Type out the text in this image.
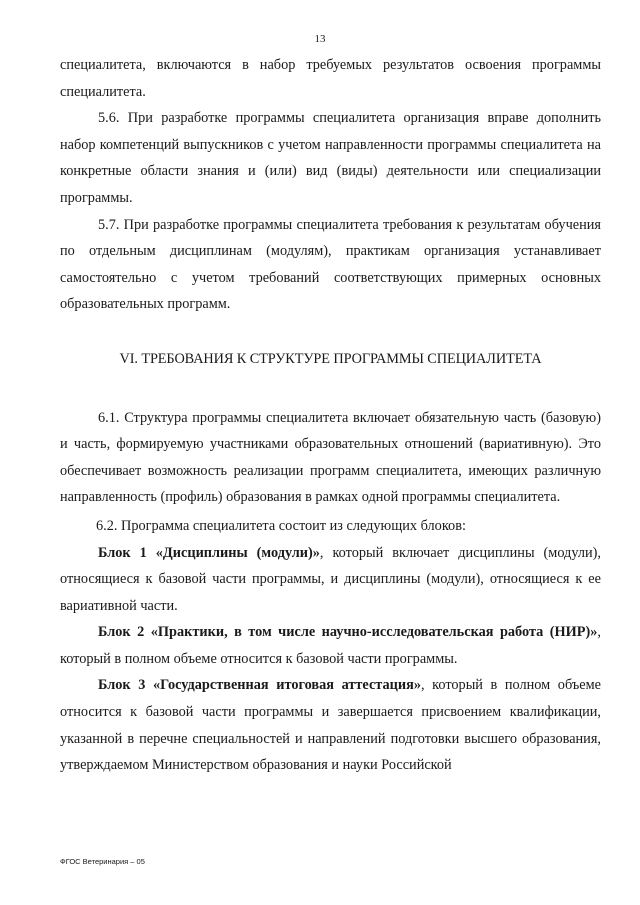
13

специалитета, включаются в набор требуемых результатов освоения программы специалитета.

5.6. При разработке программы специалитета организация вправе дополнить набор компетенций выпускников с учетом направленности программы специалитета на конкретные области знания и (или) вид (виды) деятельности или специализации программы.

5.7. При разработке программы специалитета требования к результатам обучения по отдельным дисциплинам (модулям), практикам организация устанавливает самостоятельно с учетом требований соответствующих примерных основных образовательных программ.

VI. ТРЕБОВАНИЯ К СТРУКТУРЕ ПРОГРАММЫ СПЕЦИАЛИТЕТА

6.1. Структура программы специалитета включает обязательную часть (базовую) и часть, формируемую участниками образовательных отношений (вариативную). Это обеспечивает возможность реализации программ специалитета, имеющих различную направленность (профиль) образования в рамках одной программы специалитета.

6.2. Программа специалитета состоит из следующих блоков:

Блок 1 «Дисциплины (модули)», который включает дисциплины (модули), относящиеся к базовой части программы, и дисциплины (модули), относящиеся к ее вариативной части.

Блок 2 «Практики, в том числе научно-исследовательская работа (НИР)», который в полном объеме относится к базовой части программы.

Блок 3 «Государственная итоговая аттестация», который в полном объеме относится к базовой части программы и завершается присвоением квалификации, указанной в перечне специальностей и направлений подготовки высшего образования, утверждаемом Министерством образования и науки Российской

ФГОС Ветеринария – 05
